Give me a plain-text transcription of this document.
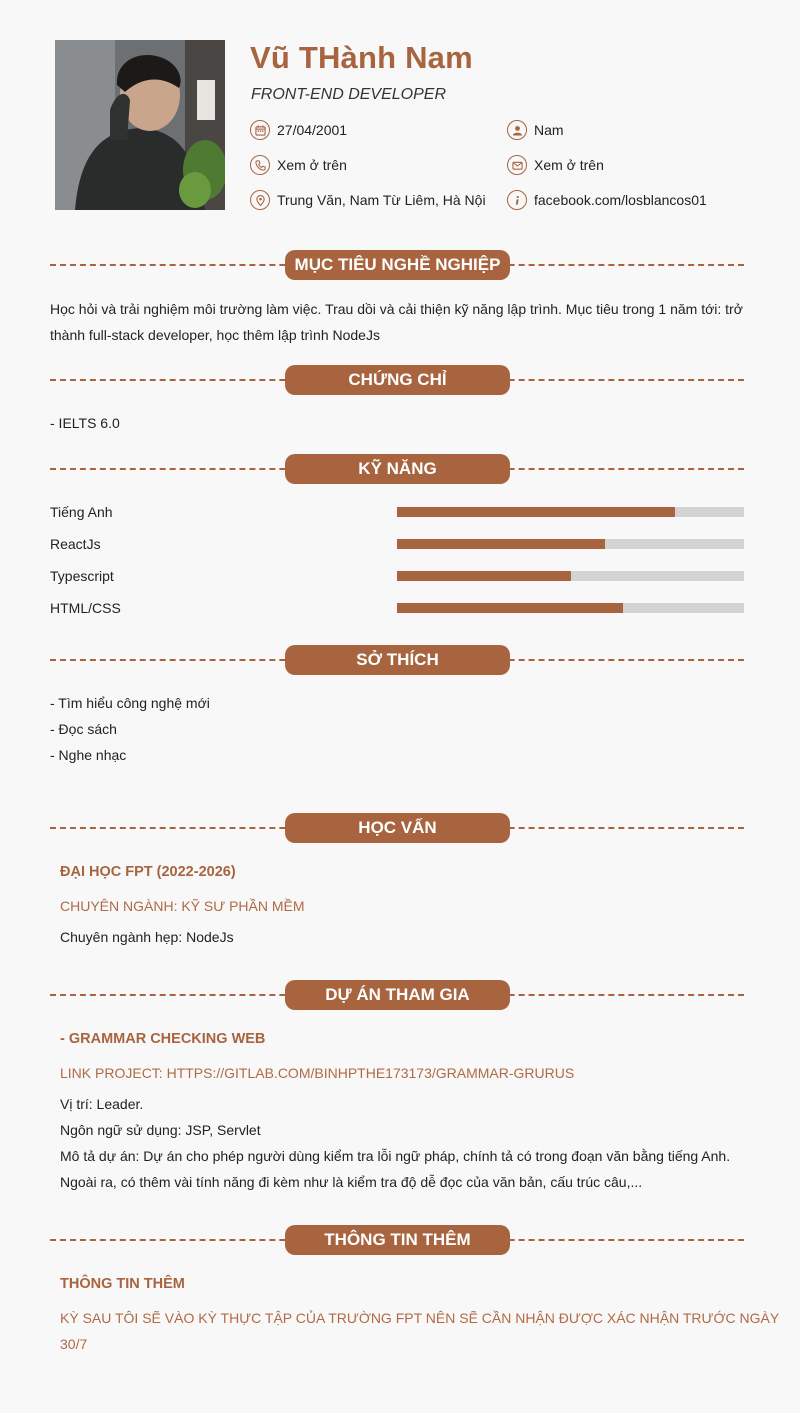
Vũ THành Nam
FRONT-END DEVELOPER
27/04/2001	Nam
Xem ở trên	Xem ở trên
Trung Văn, Nam Từ Liêm, Hà Nội	facebook.com/losblancos01
MỤC TIÊU NGHỀ NGHIỆP
Học hỏi và trải nghiệm môi trường làm việc. Trau dồi và cải thiện kỹ năng lập trình. Mục tiêu trong 1 năm tới: trở
thành full-stack developer, học thêm lập trình NodeJs
CHỨNG CHỈ
- IELTS 6.0
KỸ NĂNG
Tiếng Anh
ReactJs
Typescript
HTML/CSS
SỞ THÍCH
- Tìm hiểu công nghệ mới
- Đọc sách
- Nghe nhạc
HỌC VẤN
ĐẠI HỌC FPT (2022-2026)
CHUYÊN NGÀNH: KỸ SƯ PHẦN MỀM
Chuyên ngành hẹp: NodeJs
DỰ ÁN THAM GIA
- GRAMMAR CHECKING WEB
LINK PROJECT: HTTPS://GITLAB.COM/BINHPTHE173173/GRAMMAR-GRURUS
Vị trí: Leader.
Ngôn ngữ sử dụng: JSP, Servlet
Mô tả dự án: Dự án cho phép người dùng kiểm tra lỗi ngữ pháp, chính tả có trong đoạn văn bằng tiếng Anh.
Ngoài ra, có thêm vài tính năng đi kèm như là kiểm tra độ dễ đọc của văn bản, cấu trúc câu,...
THÔNG TIN THÊM
THÔNG TIN THÊM
KỲ SAU TÔI SẼ VÀO KỲ THỰC TẬP CỦA TRƯỜNG FPT NÊN SẼ CẦN NHẬN ĐƯỢC XÁC NHẬN TRƯỚC NGÀY
30/7
